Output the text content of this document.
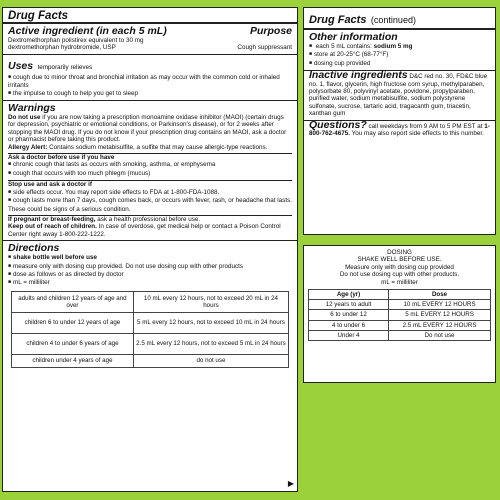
Drug Facts
Active ingredient (in each 5 mL)	Purpose
Dextromethorphan polistirex equivalent to 30 mg
dextromethorphan hydrobromide, USP	Cough suppressant
Uses temporarily relieves
■ cough due to minor throat and bronchial irritation as may occur with the common cold or inhaled irritants
■ the impulse to cough to help you get to sleep
Warnings
Do not use if you are now taking a prescription monoamine oxidase inhibitor (MAOI) (certain drugs for depression, psychiatric or emotional conditions, or Parkinson's disease), or for 2 weeks after stopping the MAOI drug. If you do not know if your prescription drug contains an MAOI, ask a doctor or pharmacist before taking this product.
Allergy Alert: Contains sodium metabisulfite, a sulfite that may cause allergic-type reactions.
Ask a doctor before use if you have
■ chronic cough that lasts as occurs with smoking, asthma, or emphysema
■ cough that occurs with too much phlegm (mucus)
Stop use and ask a doctor if
■ side effects occur. You may report side effects to FDA at 1-800-FDA-1088.
■ cough lasts more than 7 days, cough comes back, or occurs with fever, rash, or headache that lasts. These could be signs of a serious condition.
If pregnant or breast-feeding, ask a health professional before use.
Keep out of reach of children. In case of overdose, get medical help or contact a Poison Control Center right away 1-800-222-1222.
Directions
■ shake bottle well before use
■ measure only with dosing cup provided. Do not use dosing cup with other products
■ dose as follows or as directed by doctor
■ mL = milliliter
adults and children 12 years of age and over	10 mL every 12 hours, not to exceed 20 mL in 24 hours
children 6 to under 12 years of age	5 mL every 12 hours, not to exceed 10 mL in 24 hours
children 4 to under 6 years of age	2.5 mL every 12 hours, not to exceed 5 mL in 24 hours
children under 4 years of age	do not use
▶
Drug Facts (continued)
Other information
■ each 5 mL contains: sodium 5 mg
■ store at 20-25°C (68-77°F)
■ dosing cup provided
Inactive ingredients D&C red no. 30, FD&C blue no. 1, flavor, glycerin, high fructose corn syrup, methylparaben, polysorbate 80, polyvinyl acetate, povidone, propylparaben, purified water, sodium metabisulfite, sodium polystyrene sulfonate, sucrose, tartaric acid, tragacanth gum, triacetin, xanthan gum
Questions? call weekdays from 9 AM to 5 PM EST at 1-800-762-4675. You may also report side effects to this number.
DOSING
SHAKE WELL BEFORE USE.
Measure only with dosing cup provided
Do not use dosing cup with other products.
mL = milliliter
Age (yr)	Dose
12 years to adult	10 mL EVERY 12 HOURS
6 to under 12	5 mL EVERY 12 HOURS
4 to under 6	2.5 mL EVERY 12 HOURS
Under 4	Do not use
